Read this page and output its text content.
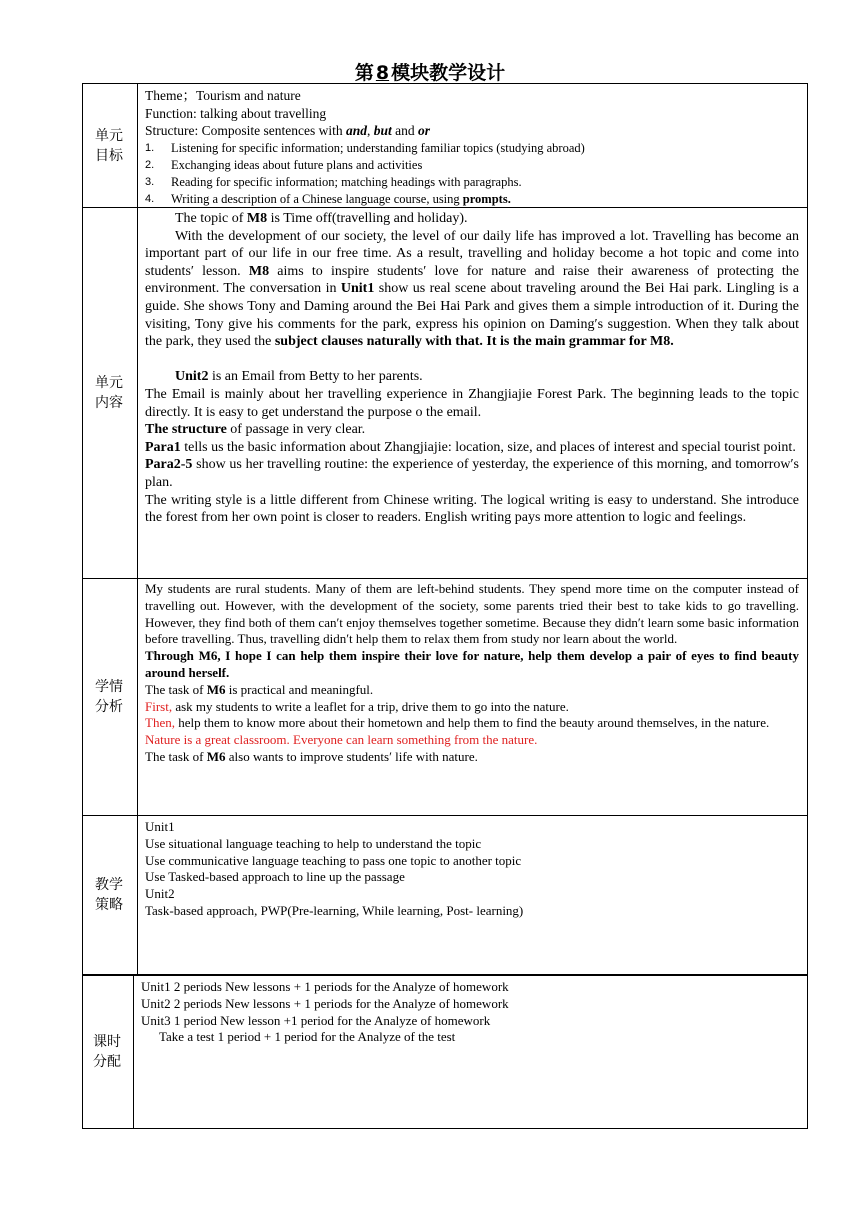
第 8 模块教学设计
单元目标

Theme；Tourism and nature

Function: talking about travelling

Structure: Composite sentences with and, but and or

1. Listening for specific information; understanding familiar topics (studying abroad)
2. Exchanging ideas about future plans and activities
3. Reading for specific information; matching headings with paragraphs.
4. Writing a description of a Chinese language course, using prompts.
单元内容

The topic of M8 is Time off(travelling and holiday).

With the development of our society, the level of our daily life has improved a lot. Travelling has become an important part of our life in our free time. As a result, travelling and holiday become a hot topic and come into students′ lesson. M8 aims to inspire students′ love for nature and raise their awareness of protecting the environment. The conversation in Unit1 show us real scene about traveling around the Bei Hai park. Lingling is a guide. She shows Tony and Daming around the Bei Hai Park and gives them a simple introduction of it. During the visiting, Tony give his comments for the park, express his opinion on Daming′s suggestion. When they talk about the park, they used the subject clauses naturally with that. It is the main grammar for M8.

Unit2 is an Email from Betty to her parents.

The Email is mainly about her travelling experience in Zhangjiajie Forest Park. The beginning leads to the topic directly. It is easy to get understand the purpose o the email.

The structure of passage in very clear.

Para1 tells us the basic information about Zhangjiajie: location, size, and places of interest and special tourist point.

Para2-5 show us her travelling routine: the experience of yesterday, the experience of this morning, and tomorrow′s plan.

The writing style is a little different from Chinese writing. The logical writing is easy to understand. She introduce the forest from her own point is closer to readers. English writing pays more attention to logic and feelings.

学情分析

My students are rural students. Many of them are left-behind students. They spend more time on the computer instead of travelling out. However, with the development of the society, some parents tried their best to take kids to go travelling. However, they find both of them can′t enjoy themselves together sometime. Because they didn′t learn some basic information before travelling. Thus, travelling didn′t help them to relax them from study nor learn about the world.

Through M6, I hope I can help them inspire their love for nature, help them develop a pair of eyes to find beauty around herself.

The task of M6 is practical and meaningful.

First, ask my students to write a leaflet for a trip, drive them to go into the nature.

Then, help them to know more about their hometown and help them to find the beauty around themselves, in the nature.

Nature is a great classroom. Everyone can learn something from the nature.

The task of M6 also wants to improve students′ life with nature.

教学策略

Unit1

Use situational language teaching to help to understand the topic

Use communicative language teaching to pass one topic to another topic

Use Tasked-based approach to line up the passage

Unit2

Task-based approach, PWP(Pre-learning, While learning, Post- learning)

课时分配

Unit1 2 periods New lessons + 1 periods for the Analyze of homework

Unit2 2 periods New lessons + 1 periods for the Analyze of homework

Unit3 1 period New lesson +1 period for the Analyze of homework

Take a test 1 period + 1 period for the Analyze of the test
